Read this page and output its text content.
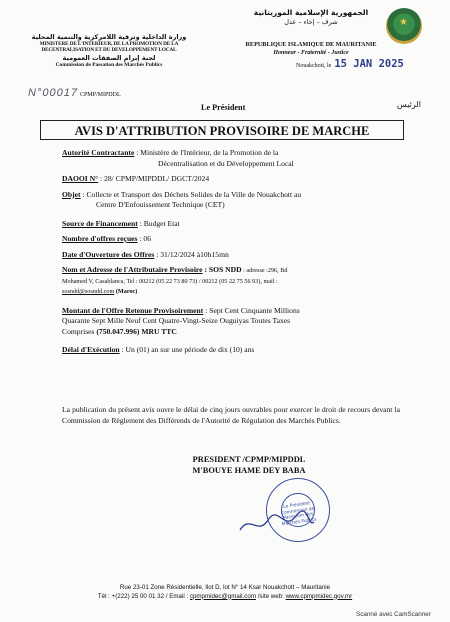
وزارة الداخلية وترقية اللامركزية والتنمية المحلية
MINISTERE DE L'INTERIEUR, DE LA PROMOTION DE LA
DECENTRALISATION ET DU DEVELOPPEMENT LOCAL
لجنة إبرام الصفقات العمومية
Commission de Passation des Marchés Publics
N°00017 CPMP/MIPDDL
الجمهورية الإسلامية الموريتانية
شرف – إخاء – عدل
REPUBLIQUE ISLAMIQUE DE MAURITANIE
Honneur - Fraternité - Justice
★
Nouakchott, le 15 JAN 2025
Le Président	الرئيس
AVIS D'ATTRIBUTION PROVISOIRE DE MARCHE

Autorité Contractante : Ministère de l'Intérieur, de la Promotion de la

Décentralisation et du Développement Local

DAOOI N° : 28/ CPMP/MIPDDL/ DGCT/2024

Objet : Collecte et Transport des Déchets Solides de la Ville de Nouakchott au

Centre D'Enfouissement Technique (CET)

Source de Financement : Budget Etat

Nombre d'offres reçues : 06

Date d'Ouverture des Offres : 31/12/2024 à10h15mn

Nom et Adresse de l'Attributaire Provisoire : SOS NDD : adresse :296, Bd

Mohamed V, Casablanca, Tel : 00212 (05 22 73 80 73) / 00212 (05 22 75 56 93), mail :

sosndd@sosndd.com (Maroc)

Montant de l'Offre Retenue Provisoirement : Sept Cent Cinquante Millions

Quarante Sept Mille Neuf Cent Quatre-Vingt-Seize Ouguiyas Toutes Taxes

Comprises (750.047.996) MRU TTC

Délai d'Exécution : Un (01) an sur une période de dix (10) ans

La publication du présent avis ouvre le délai de cinq jours ouvrables pour exercer le droit de recours devant la Commission de Règlement des Différends de l'Autorité de Régulation des Marchés Publics.

PRESIDENT /CPMP/MIPDDL
M'BOUYE HAME DEY BABA
Le Président Commission de Passation des Marchés Publics
Rue 23-01 Zone Résidentielle, Ilot D, lot N° 14 Ksar Nouakchott – Mauritanie
Tél : +(222) 25 00 01 32 / Email : cpmpmidec@gmail.com /site web: www.cpmpmidec.gov.mr
Scanné avec CamScanner
